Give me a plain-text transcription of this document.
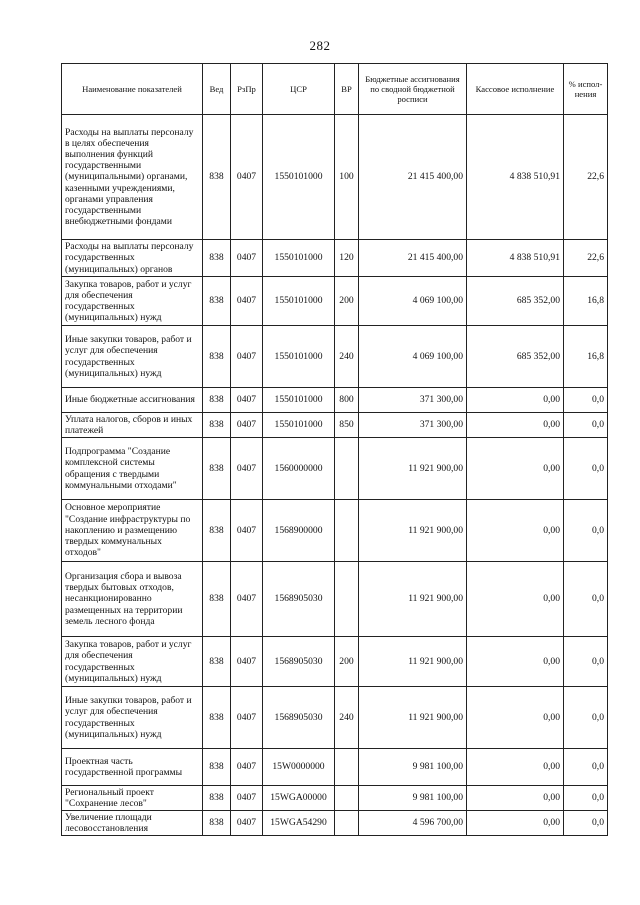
282
Наименование показателей	Вед	РзПр	ЦСР	ВР	Бюджетные ассигнования по сводной бюджетной росписи	Кассовое исполнение	% испол-нения
Расходы на выплаты персоналу в целях обеспечения выполнения функций государственными (муниципальными) органами, казенными учреждениями, органами управления государственными внебюджетными фондами	838	0407	1550101000	100	21 415 400,00	4 838 510,91	22,6
Расходы на выплаты персоналу государственных (муниципальных) органов	838	0407	1550101000	120	21 415 400,00	4 838 510,91	22,6
Закупка товаров, работ и услуг для обеспечения государственных (муниципальных) нужд	838	0407	1550101000	200	4 069 100,00	685 352,00	16,8
Иные закупки товаров, работ и услуг для обеспечения государственных (муниципальных) нужд	838	0407	1550101000	240	4 069 100,00	685 352,00	16,8
Иные бюджетные ассигнования	838	0407	1550101000	800	371 300,00	0,00	0,0
Уплата налогов, сборов и иных платежей	838	0407	1550101000	850	371 300,00	0,00	0,0
Подпрограмма "Создание комплексной системы обращения с твердыми коммунальными отходами"	838	0407	1560000000		11 921 900,00	0,00	0,0
Основное мероприятие "Создание инфраструктуры по накоплению и размещению твердых коммунальных отходов"	838	0407	1568900000		11 921 900,00	0,00	0,0
Организация сбора и вывоза твердых бытовых отходов, несанкционированно размещенных на территории земель лесного фонда	838	0407	1568905030		11 921 900,00	0,00	0,0
Закупка товаров, работ и услуг для обеспечения государственных (муниципальных) нужд	838	0407	1568905030	200	11 921 900,00	0,00	0,0
Иные закупки товаров, работ и услуг для обеспечения государственных (муниципальных) нужд	838	0407	1568905030	240	11 921 900,00	0,00	0,0
Проектная часть государственной программы	838	0407	15W0000000		9 981 100,00	0,00	0,0
Региональный проект "Сохранение лесов"	838	0407	15WGA00000		9 981 100,00	0,00	0,0
Увеличение площади лесовосстановления	838	0407	15WGA54290		4 596 700,00	0,00	0,0
